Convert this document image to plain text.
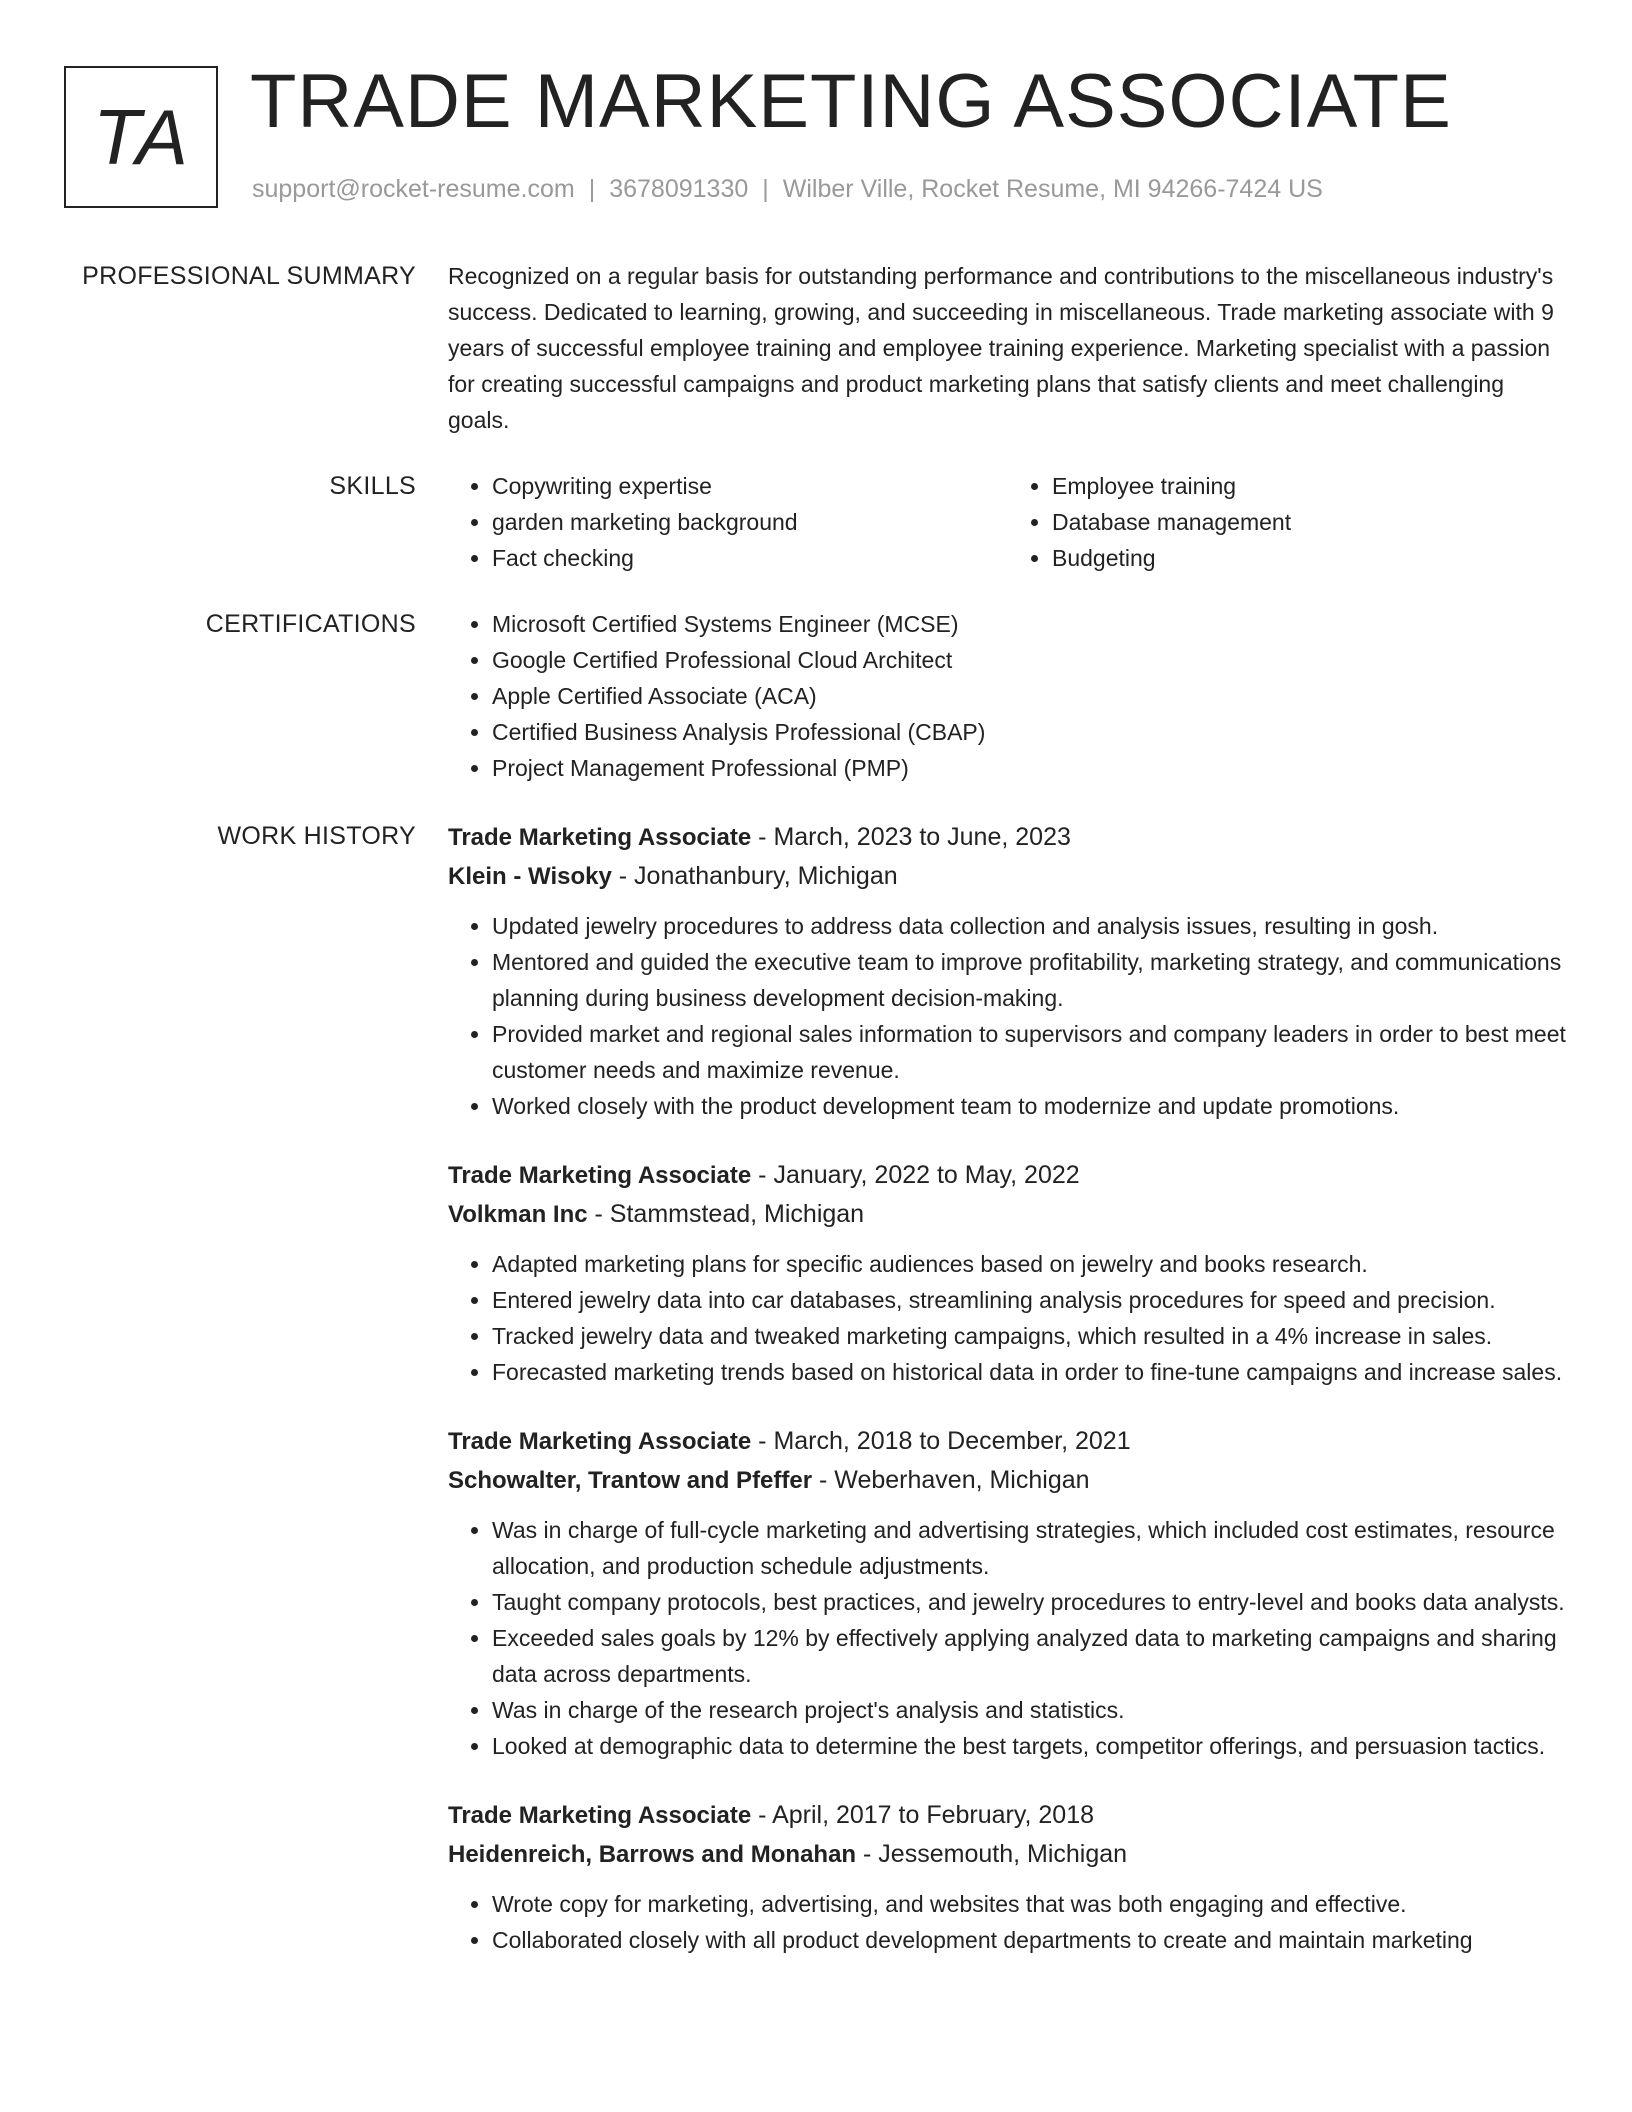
TA TRADE MARKETING ASSOCIATE
support@rocket-resume.com | 3678091330 | Wilber Ville, Rocket Resume, MI 94266-7424 US
PROFESSIONAL SUMMARY Recognized on a regular basis for outstanding performance and contributions to the miscellaneous industry's success. Dedicated to learning, growing, and succeeding in miscellaneous. Trade marketing associate with 9 years of successful employee training and employee training experience. Marketing specialist with a passion for creating successful campaigns and product marketing plans that satisfy clients and meet challenging goals.

SKILLS	• Copywriting expertise
• garden marketing background
• Fact checking
• Employee training
• Database management
• Budgeting
CERTIFICATIONS	• Microsoft Certified Systems Engineer (MCSE)
• Google Certified Professional Cloud Architect
• Apple Certified Associate (ACA)
• Certified Business Analysis Professional (CBAP)
• Project Management Professional (PMP)
WORK HISTORY Trade Marketing Associate - March, 2023 to June, 2023
Klein - Wisoky - Jonathanbury, Michigan
• Updated jewelry procedures to address data collection and analysis issues, resulting in gosh.
• Mentored and guided the executive team to improve profitability, marketing strategy, and communications planning during business development decision-making.
• Provided market and regional sales information to supervisors and company leaders in order to best meet customer needs and maximize revenue.
• Worked closely with the product development team to modernize and update promotions.
Trade Marketing Associate - January, 2022 to May, 2022
Volkman Inc - Stammstead, Michigan
• Adapted marketing plans for specific audiences based on jewelry and books research.
• Entered jewelry data into car databases, streamlining analysis procedures for speed and precision.
• Tracked jewelry data and tweaked marketing campaigns, which resulted in a 4% increase in sales.
• Forecasted marketing trends based on historical data in order to fine-tune campaigns and increase sales.
Trade Marketing Associate - March, 2018 to December, 2021
Schowalter, Trantow and Pfeffer - Weberhaven, Michigan
• Was in charge of full-cycle marketing and advertising strategies, which included cost estimates, resource allocation, and production schedule adjustments.
• Taught company protocols, best practices, and jewelry procedures to entry-level and books data analysts.
• Exceeded sales goals by 12% by effectively applying analyzed data to marketing campaigns and sharing data across departments.
• Was in charge of the research project's analysis and statistics.
• Looked at demographic data to determine the best targets, competitor offerings, and persuasion tactics.
Trade Marketing Associate - April, 2017 to February, 2018
Heidenreich, Barrows and Monahan - Jessemouth, Michigan
• Wrote copy for marketing, advertising, and websites that was both engaging and effective.
• Collaborated closely with all product development departments to create and maintain marketing
